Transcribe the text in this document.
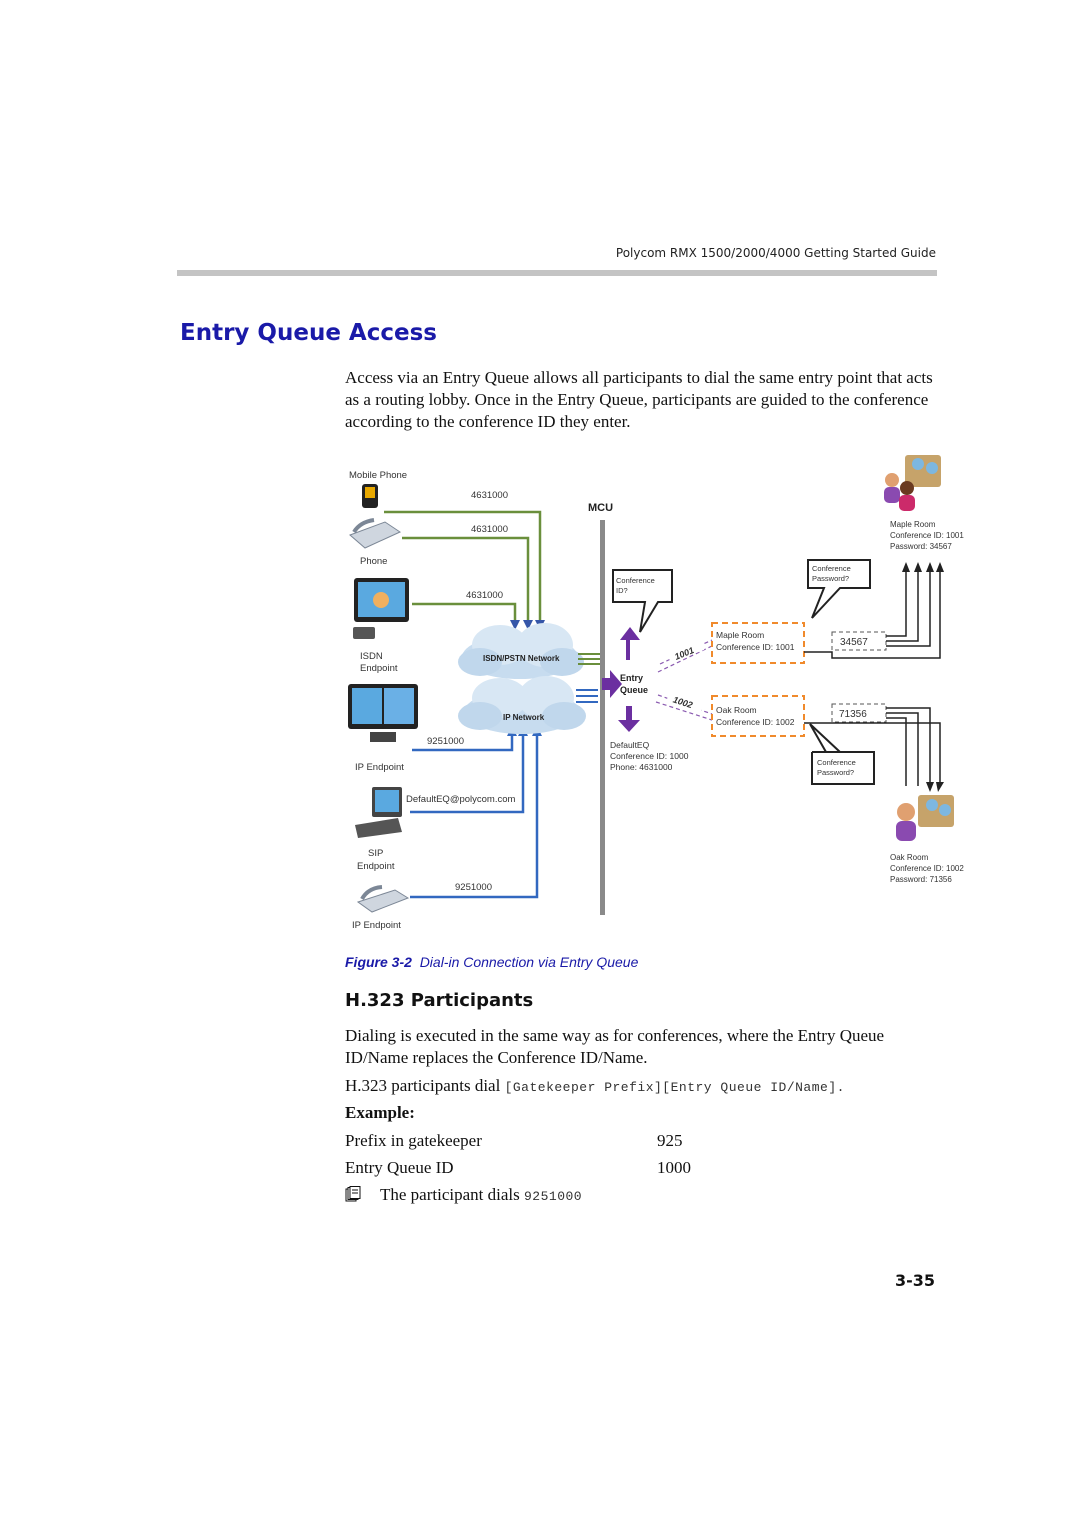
Polycom RMX 1500/2000/4000 Getting Started Guide
Entry Queue Access
Access via an Entry Queue allows all participants to dial the same entry point that acts as a routing lobby. Once in the Entry Queue, participants are guided to the conference according to the conference ID they enter.
MCU
Mobile Phone
Phone
ISDN
Endpoint
IP Endpoint
SIP
Endpoint
IP Endpoint
4631000
4631000
4631000
9251000
DefaultEQ@polycom.com
9251000
ISDN/PSTN Network
IP Network
Conference
ID?
Entry
Queue
DefaultEQ
Conference ID: 1000
Phone: 4631000
1001
1002
Maple Room
Conference ID: 1001
Oak Room
Conference ID: 1002
Conference
Password?
Conference
Password?
34567
71356
Maple Room
Conference ID: 1001
Password: 34567
Oak Room
Conference ID: 1002
Password: 71356
Figure 3-2 Dial-in Connection via Entry Queue
H.323 Participants
Dialing is executed in the same way as for conferences, where the Entry Queue ID/Name replaces the Conference ID/Name.
H.323 participants dial [Gatekeeper Prefix][Entry Queue ID/Name].
Example:
Prefix in gatekeeper	925
Entry Queue ID	1000
The participant dials 9251000
3-35
